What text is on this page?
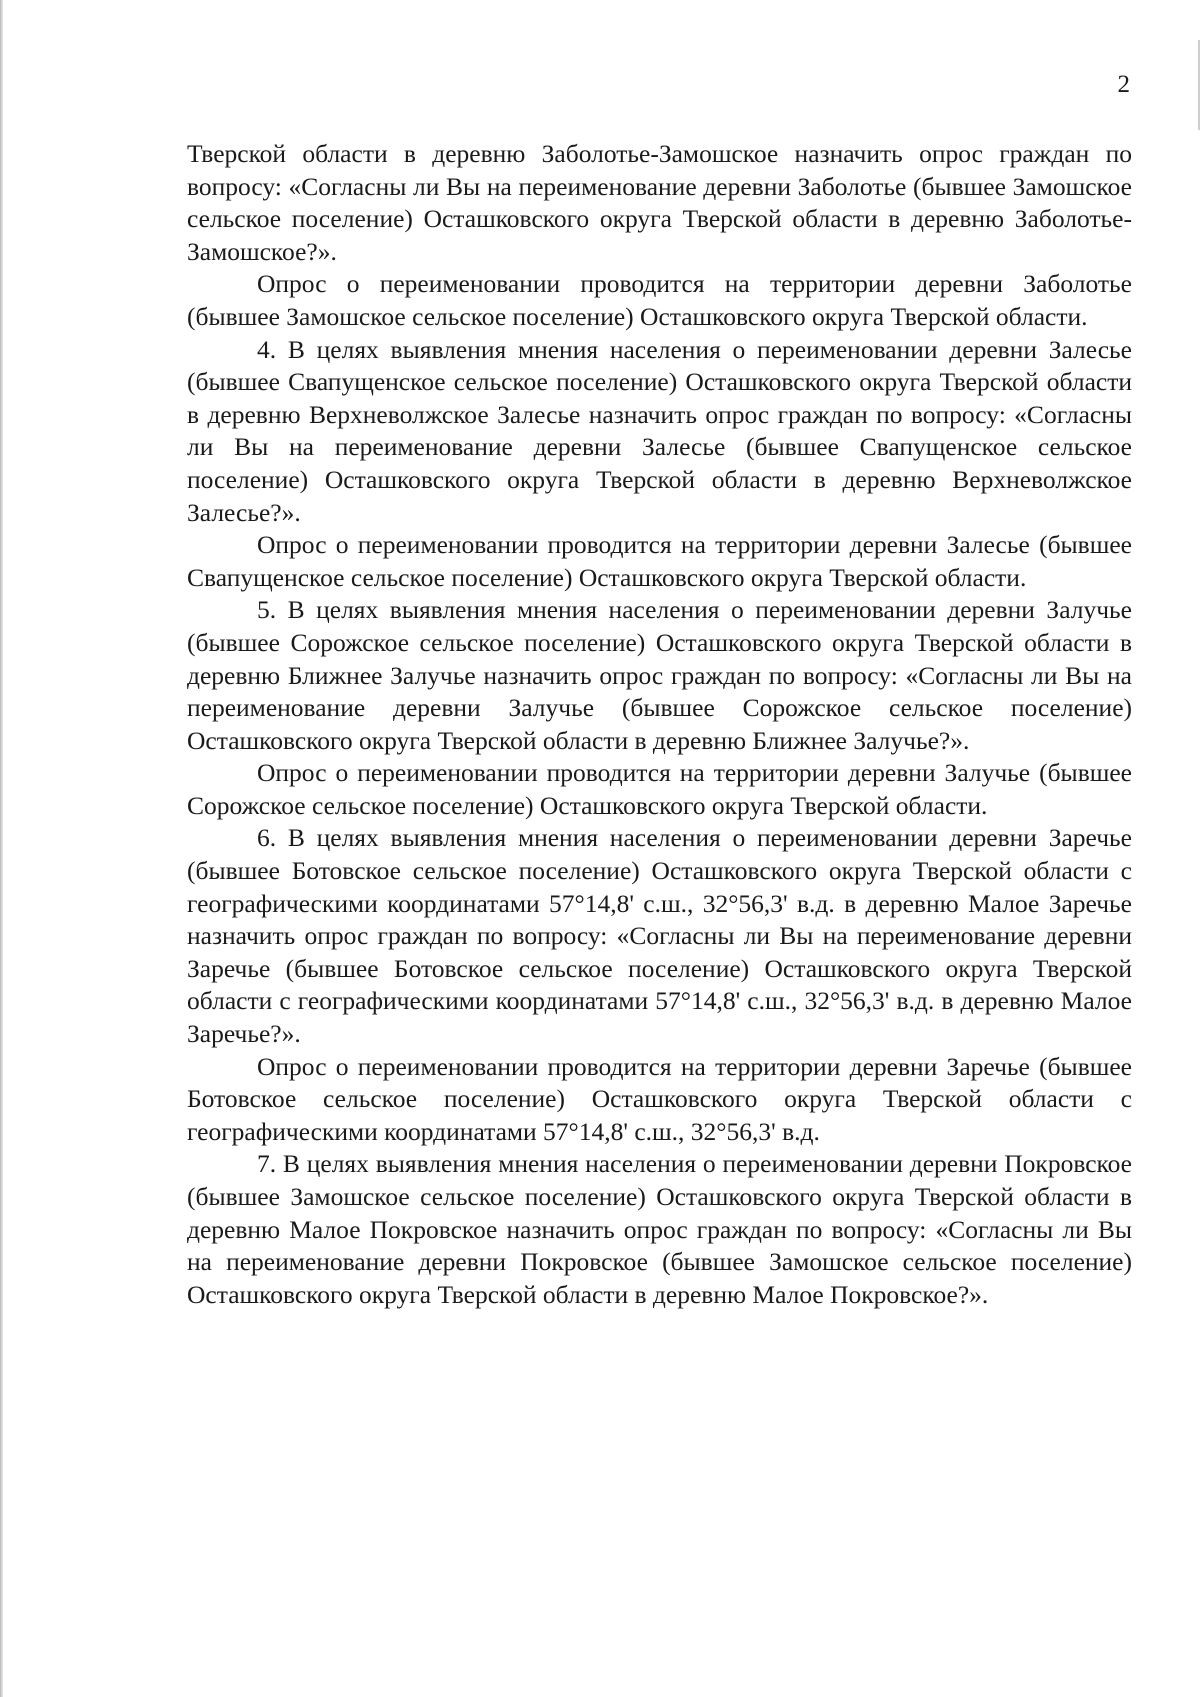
2

Тверской области в деревню Заболотье-Замошское назначить опрос граждан по вопросу: «Согласны ли Вы на переименование деревни Заболотье (бывшее Замошское сельское поселение) Осташковского округа Тверской области в деревню Заболотье-Замошское?».

Опрос о переименовании проводится на территории деревни Заболотье (бывшее Замошское сельское поселение) Осташковского округа Тверской области.

4. В целях выявления мнения населения о переименовании деревни Залесье (бывшее Свапущенское сельское поселение) Осташковского округа Тверской области в деревню Верхневолжское Залесье назначить опрос граждан по вопросу: «Согласны ли Вы на переименование деревни Залесье (бывшее Свапущенское сельское поселение) Осташковского округа Тверской области в деревню Верхневолжское Залесье?».

Опрос о переименовании проводится на территории деревни Залесье (бывшее Свапущенское сельское поселение) Осташковского округа Тверской области.

5. В целях выявления мнения населения о переименовании деревни Залучье (бывшее Сорожское сельское поселение) Осташковского округа Тверской области в деревню Ближнее Залучье назначить опрос граждан по вопросу: «Согласны ли Вы на переименование деревни Залучье (бывшее Сорожское сельское поселение) Осташковского округа Тверской области в деревню Ближнее Залучье?».

Опрос о переименовании проводится на территории деревни Залучье (бывшее Сорожское сельское поселение) Осташковского округа Тверской области.

6. В целях выявления мнения населения о переименовании деревни Заречье (бывшее Ботовское сельское поселение) Осташковского округа Тверской области с географическими координатами 57°14,8' с.ш., 32°56,3' в.д. в деревню Малое Заречье назначить опрос граждан по вопросу: «Согласны ли Вы на переименование деревни Заречье (бывшее Ботовское сельское поселение) Осташковского округа Тверской области с географическими координатами 57°14,8' с.ш., 32°56,3' в.д. в деревню Малое Заречье?».

Опрос о переименовании проводится на территории деревни Заречье (бывшее Ботовское сельское поселение) Осташковского округа Тверской области с географическими координатами 57°14,8' с.ш., 32°56,3' в.д.

7. В целях выявления мнения населения о переименовании деревни Покровское (бывшее Замошское сельское поселение) Осташковского округа Тверской области в деревню Малое Покровское назначить опрос граждан по вопросу: «Согласны ли Вы на переименование деревни Покровское (бывшее Замошское сельское поселение) Осташковского округа Тверской области в деревню Малое Покровское?».
